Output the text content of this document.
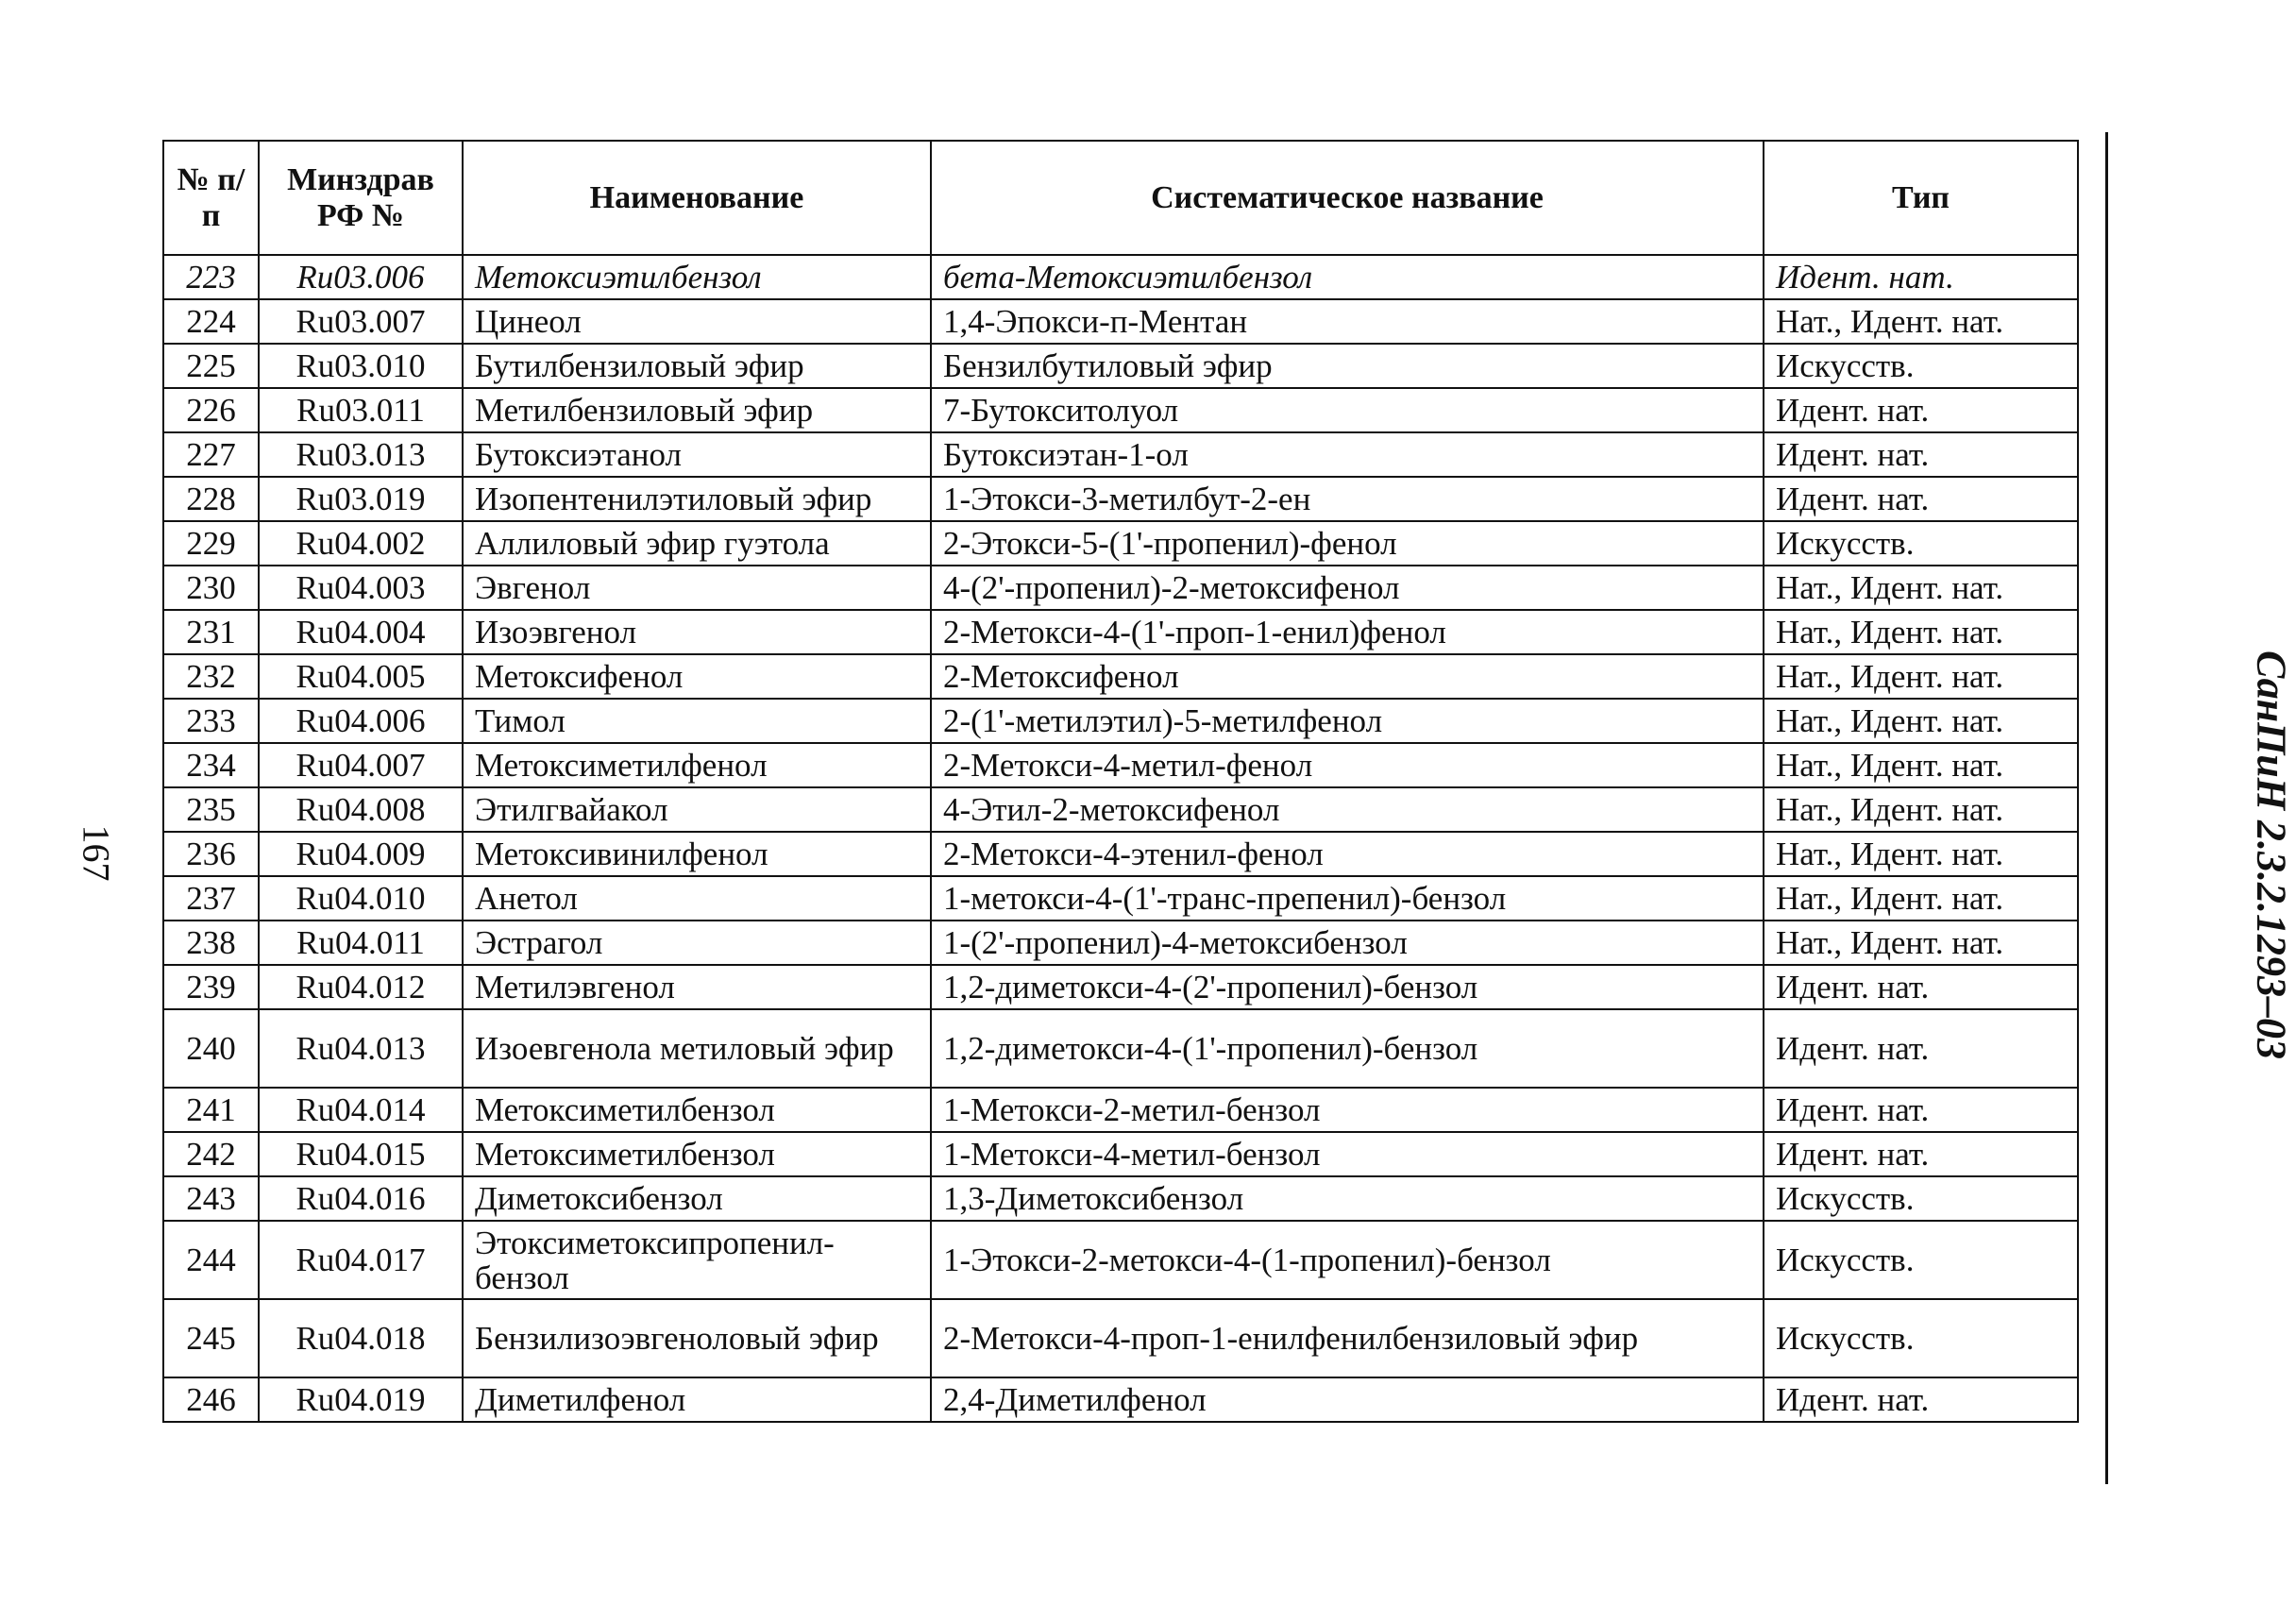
167	СанПиН 2.3.2.1293–03
№ п/п	Минздрав РФ №	Наименование	Систематическое название	Тип
223	Ru03.006	Метоксиэтилбензол	бета-Метоксиэтилбензол	Идент. нат.
224	Ru03.007	Цинеол	1,4-Эпокси-п-Ментан	Нат., Идент. нат.
225	Ru03.010	Бутилбензиловый эфир	Бензилбутиловый эфир	Искусств.
226	Ru03.011	Метилбензиловый эфир	7-Бутокситолуол	Идент. нат.
227	Ru03.013	Бутоксиэтанол	Бутоксиэтан-1-ол	Идент. нат.
228	Ru03.019	Изопентенилэтиловый эфир	1-Этокси-3-метилбут-2-ен	Идент. нат.
229	Ru04.002	Аллиловый эфир гуэтола	2-Этокси-5-(1'-пропенил)-фенол	Искусств.
230	Ru04.003	Эвгенол	4-(2'-пропенил)-2-метоксифенол	Нат., Идент. нат.
231	Ru04.004	Изоэвгенол	2-Метокси-4-(1'-проп-1-енил)фенол	Нат., Идент. нат.
232	Ru04.005	Метоксифенол	2-Метоксифенол	Нат., Идент. нат.
233	Ru04.006	Тимол	2-(1'-метилэтил)-5-метилфенол	Нат., Идент. нат.
234	Ru04.007	Метоксиметилфенол	2-Метокси-4-метил-фенол	Нат., Идент. нат.
235	Ru04.008	Этилгвайакол	4-Этил-2-метоксифенол	Нат., Идент. нат.
236	Ru04.009	Метоксивинилфенол	2-Метокси-4-этенил-фенол	Нат., Идент. нат.
237	Ru04.010	Анетол	1-метокси-4-(1'-транс-препенил)-бензол	Нат., Идент. нат.
238	Ru04.011	Эстрагол	1-(2'-пропенил)-4-метоксибензол	Нат., Идент. нат.
239	Ru04.012	Метилэвгенол	1,2-диметокси-4-(2'-пропенил)-бензол	Идент. нат.
240	Ru04.013	Изоевгенола метиловый эфир	1,2-диметокси-4-(1'-пропенил)-бензол	Идент. нат.
241	Ru04.014	Метоксиметилбензол	1-Метокси-2-метил-бензол	Идент. нат.
242	Ru04.015	Метоксиметилбензол	1-Метокси-4-метил-бензол	Идент. нат.
243	Ru04.016	Диметоксибензол	1,3-Диметоксибензол	Искусств.
244	Ru04.017	Этоксиметоксипропенил-бензол	1-Этокси-2-метокси-4-(1-пропенил)-бензол	Искусств.
245	Ru04.018	Бензилизоэвгеноловый эфир	2-Метокси-4-проп-1-енилфенилбензиловый эфир	Искусств.
246	Ru04.019	Диметилфенол	2,4-Диметилфенол	Идент. нат.
